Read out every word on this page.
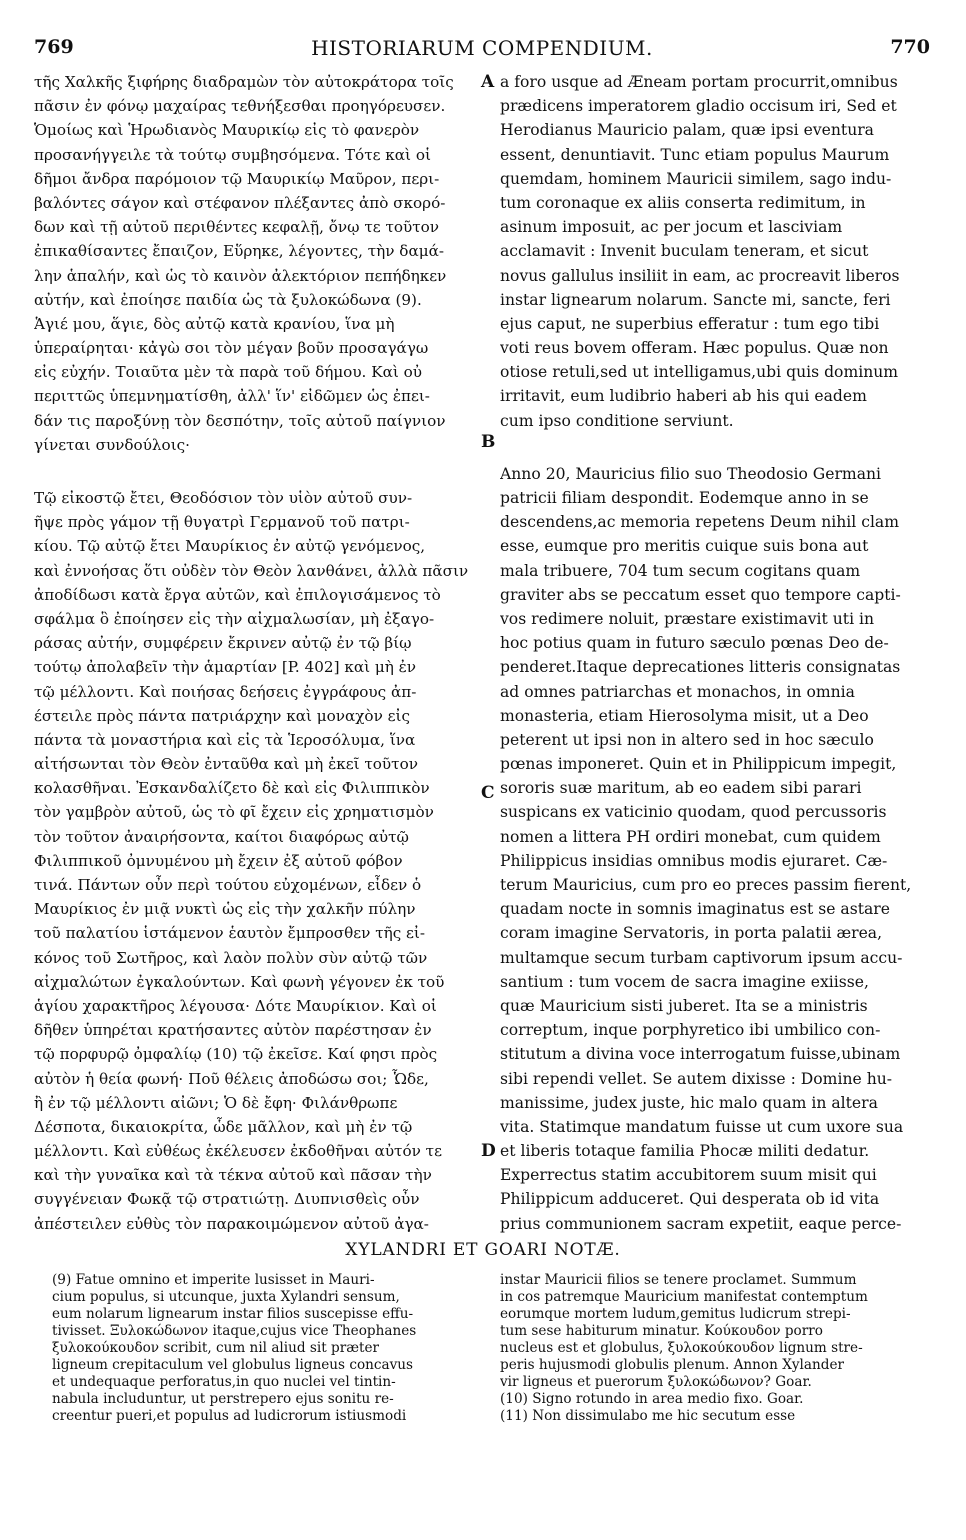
769	HISTORIARUM COMPENDIUM.	770
τῆς Χαλκῆς ξιφήρης διαδραμὼν τὸν αὐτοκράτορα τοῖς
πᾶσιν ἐν φόνῳ μαχαίρας τεθνήξεσθαι προηγόρευσεν.
Ὁμοίως καὶ Ἡρωδιανὸς Μαυρικίῳ εἰς τὸ φανερὸν
προσανήγγειλε τὰ τούτῳ συμβησόμενα. Τότε καὶ οἱ
δῆμοι ἄνδρα παρόμοιον τῷ Μαυρικίῳ Μαῦρον, περι-
βαλόντες σάγον καὶ στέφανον πλέξαντες ἀπὸ σκορό-
δων καὶ τῇ αὐτοῦ περιθέντες κεφαλῇ, ὄνῳ τε τοῦτον
ἐπικαθίσαντες ἔπαιζον, Εὕρηκε, λέγοντες, τὴν δαμά-
λην ἁπαλήν, καὶ ὡς τὸ καινὸν ἀλεκτόριον πεπήδηκεν
αὐτήν, καὶ ἐποίησε παιδία ὡς τὰ ξυλοκώδωνα (9).
Ἁγιέ μου, ἅγιε, δὸς αὐτῷ κατὰ κρανίου, ἵνα μὴ
ὑπεραίρηται· κἀγὼ σοι τὸν μέγαν βοῦν προσαγάγω
εἰς εὐχήν. Τοιαῦτα μὲν τὰ παρὰ τοῦ δήμου. Καὶ οὐ
περιττῶς ὑπεμνηματίσθη, ἀλλ' ἵν' εἰδῶμεν ὡς ἐπει-
δάν τις παροξύνῃ τὸν δεσπότην, τοῖς αὐτοῦ παίγνιον
γίνεται συνδούλοις·
Τῷ εἰκοστῷ ἔτει, Θεοδόσιον τὸν υἱὸν αὐτοῦ συν-
ῆψε πρὸς γάμον τῇ θυγατρὶ Γερμανοῦ τοῦ πατρι-
κίου. Τῷ αὐτῷ ἔτει Μαυρίκιος ἐν αὐτῷ γενόμενος,
καὶ ἐννοήσας ὅτι οὐδὲν τὸν Θεὸν λανθάνει, ἀλλὰ πᾶσιν
ἀποδίδωσι κατὰ ἔργα αὐτῶν, καὶ ἐπιλογισάμενος τὸ
σφάλμα ὃ ἐποίησεν εἰς τὴν αἰχμαλωσίαν, μὴ ἐξαγο-
ράσας αὐτήν, συμφέρειν ἔκρινεν αὐτῷ ἐν τῷ βίῳ
τούτῳ ἀπολαβεῖν τὴν ἁμαρτίαν [P. 402] καὶ μὴ ἐν
τῷ μέλλοντι. Καὶ ποιήσας δεήσεις ἐγγράφους ἀπ-
έστειλε πρὸς πάντα πατριάρχην καὶ μοναχὸν εἰς
πάντα τὰ μοναστήρια καὶ εἰς τὰ Ἱεροσόλυμα, ἵνα
αἰτήσωνται τὸν Θεὸν ἐνταῦθα καὶ μὴ ἐκεῖ τοῦτον
κολασθῆναι. Ἐσκανδαλίζετο δὲ καὶ εἰς Φιλιππικὸν
τὸν γαμβρὸν αὐτοῦ, ὡς τὸ φῖ ἔχειν εἰς χρηματισμὸν
τὸν τοῦτον ἀναιρήσοντα, καίτοι διαφόρως αὐτῷ
Φιλιππικοῦ ὀμνυμένου μὴ ἔχειν ἐξ αὐτοῦ φόβον
τινά. Πάντων οὖν περὶ τούτου εὐχομένων, εἶδεν ὁ
Μαυρίκιος ἐν μιᾷ νυκτὶ ὡς εἰς τὴν χαλκῆν πύλην
τοῦ παλατίου ἱστάμενον ἑαυτὸν ἔμπροσθεν τῆς εἰ-
κόνος τοῦ Σωτῆρος, καὶ λαὸν πολὺν σὺν αὐτῷ τῶν
αἰχμαλώτων ἐγκαλούντων. Καὶ φωνὴ γέγονεν ἐκ τοῦ
ἁγίου χαρακτῆρος λέγουσα· Δότε Μαυρίκιον. Καὶ οἱ
δῆθεν ὑπηρέται κρατήσαντες αὐτὸν παρέστησαν ἐν
τῷ πορφυρῷ ὀμφαλίῳ (10) τῷ ἐκεῖσε. Καί φησι πρὸς
αὐτὸν ἡ θεία φωνή· Ποῦ θέλεις ἀποδώσω σοι; Ὧδε,
ἢ ἐν τῷ μέλλοντι αἰῶνι; Ὁ δὲ ἔφη· Φιλάνθρωπε
Δέσποτα, δικαιοκρίτα, ὧδε μᾶλλον, καὶ μὴ ἐν τῷ
μέλλοντι. Καὶ εὐθέως ἐκέλευσεν ἐκδοθῆναι αὐτόν τε
καὶ τὴν γυναῖκα καὶ τὰ τέκνα αὐτοῦ καὶ πᾶσαν τὴν
συγγένειαν Φωκᾷ τῷ στρατιώτῃ. Διυπνισθεὶς οὖν
ἀπέστειλεν εὐθὺς τὸν παρακοιμώμενον αὐτοῦ ἀγα-
a foro usque ad Æneam portam procurrit,omnibus
prædicens imperatorem gladio occisum iri, Sed et
Herodianus Mauricio palam, quæ ipsi eventura
essent, denuntiavit. Tunc etiam populus Maurum
quemdam, hominem Mauricii similem, sago indu-
tum coronaque ex aliis conserta redimitum, in
asinum imposuit, ac per jocum et lasciviam
acclamavit : Invenit buculam teneram, et sicut
novus gallulus insiliit in eam, ac procreavit liberos
instar lignearum nolarum. Sancte mi, sancte, feri
ejus caput, ne superbius efferatur : tum ego tibi
voti reus bovem offeram. Hæc populus. Quæ non
otiose retuli,sed ut intelligamus,ubi quis dominum
irritavit, eum ludibrio haberi ab his qui eadem
cum ipso conditione serviunt.
Anno 20, Mauricius filio suo Theodosio Germani
patricii filiam despondit. Eodemque anno in se
descendens,ac memoria repetens Deum nihil clam
esse, eumque pro meritis cuique suis bona aut
mala tribuere, 704 tum secum cogitans quam
graviter abs se peccatum esset quo tempore capti-
vos redimere noluit, præstare existimavit uti in
hoc potius quam in futuro sæculo pœnas Deo de-
penderet.Itaque deprecationes litteris consignatas
ad omnes patriarchas et monachos, in omnia
monasteria, etiam Hierosolyma misit, ut a Deo
peterent ut ipsi non in altero sed in hoc sæculo
pœnas imponeret. Quin et in Philippicum impegit,
sororis suæ maritum, ab eo eadem sibi parari
suspicans ex vaticinio quodam, quod percussoris
nomen a littera PH ordiri monebat, cum quidem
Philippicus insidias omnibus modis ejuraret. Cæ-
terum Mauricius, cum pro eo preces passim fierent,
quadam nocte in somnis imaginatus est se astare
coram imagine Servatoris, in porta palatii ærea,
multamque secum turbam captivorum ipsum accu-
santium : tum vocem de sacra imagine exiisse,
quæ Mauricium sisti juberet. Ita se a ministris
correptum, inque porphyretico ibi umbilico con-
stitutum a divina voce interrogatum fuisse,ubinam
sibi rependi vellet. Se autem dixisse : Domine hu-
manissime, judex juste, hic malo quam in altera
vita. Statimque mandatum fuisse ut cum uxore sua
et liberis totaque familia Phocæ militi dedatur.
Experrectus statim accubitorem suum misit qui
Philippicum adduceret. Qui desperata ob id vita
prius communionem sacram expetiit, eaque perce-
A
B
C
D
XYLANDRI ET GOARI NOTÆ.
(9) Fatue omnino et imperite lusisset in Mauri-
cium populus, si utcunque, juxta Xylandri sensum,
eum nolarum lignearum instar filios suscepisse effu-
tivisset. Ξυλοκώδωνον itaque,cujus vice Theophanes
ξυλοκούκουδον scribit, cum nil aliud sit præter
ligneum crepitaculum vel globulus ligneus concavus
et undequaque perforatus,in quo nuclei vel tintin-
nabula includuntur, ut perstrepero ejus sonitu re-
creentur pueri,et populus ad ludicrorum istiusmodi
instar Mauricii filios se tenere proclamet. Summum
in cos patremque Mauricium manifestat contemptum
eorumque mortem ludum,gemitus ludicrum strepi-
tum sese habiturum minatur. Κούκουδον porro
nucleus est et globulus, ξυλοκούκουδον lignum stre-
peris hujusmodi globulis plenum. Annon Xylander
vir ligneus et puerorum ξυλοκώδωνον? Goar.
(10) Signo rotundo in area medio fixo. Goar.
(11) Non dissimulabo me hic secutum esse
